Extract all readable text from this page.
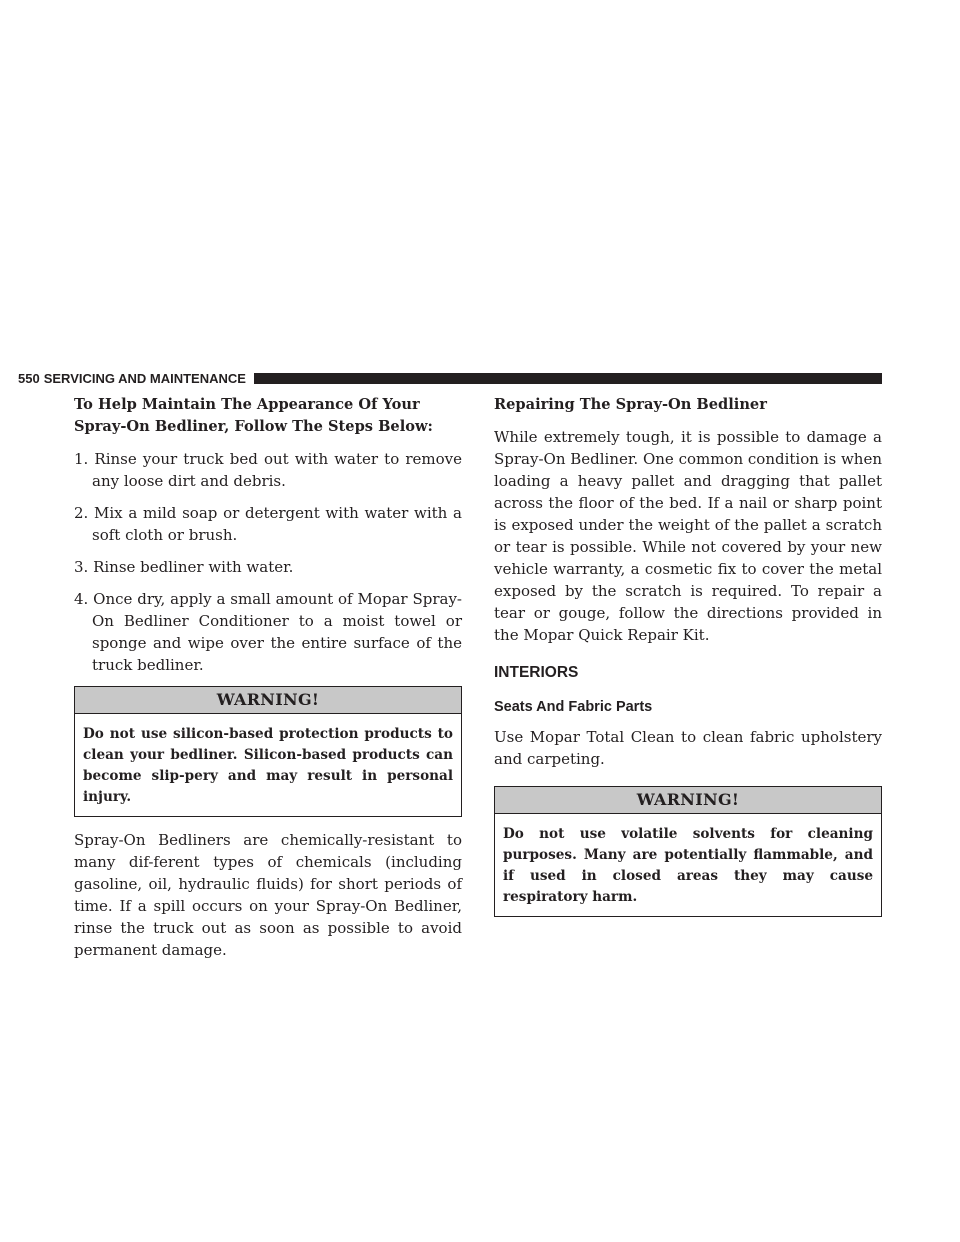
550 SERVICING AND MAINTENANCE
To Help Maintain The Appearance Of Your Spray-On Bedliner, Follow The Steps Below:
1. Rinse your truck bed out with water to remove any loose dirt and debris.
2. Mix a mild soap or detergent with water with a soft cloth or brush.
3. Rinse bedliner with water.
4. Once dry, apply a small amount of Mopar Spray-On Bedliner Conditioner to a moist towel or sponge and wipe over the entire surface of the truck bedliner.
WARNING!
Do not use silicon-based protection products to clean your bedliner. Silicon-based products can become slip-pery and may result in personal injury.

Spray-On Bedliners are chemically-resistant to many dif-ferent types of chemicals (including gasoline, oil, hydraulic fluids) for short periods of time. If a spill occurs on your Spray-On Bedliner, rinse the truck out as soon as possible to avoid permanent damage.

Repairing The Spray-On Bedliner

While extremely tough, it is possible to damage a Spray-On Bedliner. One common condition is when loading a heavy pallet and dragging that pallet across the floor of the bed. If a nail or sharp point is exposed under the weight of the pallet a scratch or tear is possible. While not covered by your new vehicle warranty, a cosmetic fix to cover the metal exposed by the scratch is required. To repair a tear or gouge, follow the directions provided in the Mopar Quick Repair Kit.

INTERIORS
Seats And Fabric Parts

Use Mopar Total Clean to clean fabric upholstery and carpeting.

WARNING!
Do not use volatile solvents for cleaning purposes. Many are potentially flammable, and if used in closed areas they may cause respiratory harm.
